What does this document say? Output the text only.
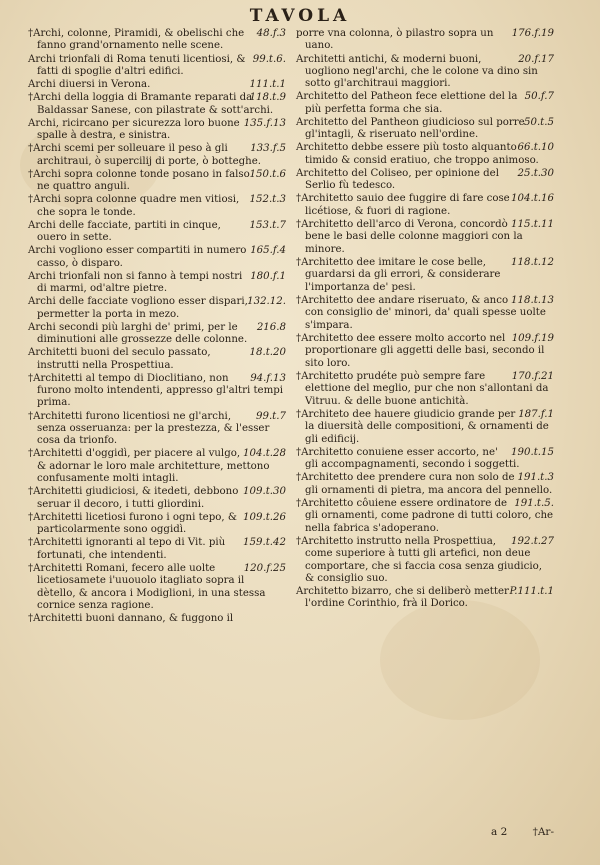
TAVOLA
48.f.3
†Archi, colonne, Piramidi, & obelischi che fanno grand'ornamento nelle scene.
99.t.6.
Archi trionfali di Roma tenuti licentiosi, & fatti di spoglie d'altri edifici.
111.t.1
Archi diuersi in Verona.
118.t.9
†Archi della loggia di Bramante reparati da Baldassar Sanese, con pilastrate & sott'archi.
135.f.13
Archi, ricircano per sicurezza loro buone spalle à destra, e sinistra.
133.f.5
†Archi scemi per solleuare il peso à gli architraui, ò supercilij di porte, ò botteghe.
150.t.6
†Archi sopra colonne tonde posano in falso ne quattro anguli.
152.t.3
†Archi sopra colonne quadre men vitiosi, che sopra le tonde.
153.t.7
Archi delle facciate, partiti in cinque, ouero in sette.
165.f.4
Archi vogliono esser compartiti in numero casso, ò disparo.
180.f.1
Archi trionfali non si fanno à tempi nostri di marmi, od'altre pietre.
132.12.
Archi delle facciate vogliono esser dispari, permetter la porta in mezo.
216.8
Archi secondi più larghi de' primi, per le diminutioni alle grossezze delle colonne.
18.t.20
Architetti buoni del seculo passato, instrutti nella Prospettiua.
94.f.13
†Architetti al tempo di Dioclitiano, non furono molto intendenti, appresso gl'altri tempi prima.
99.t.7
†Architetti furono licentiosi ne gl'archi, senza osseruanza: per la prestezza, & l'esser cosa da trionfo.
104.t.28
†Architetti d'oggidì, per piacere al vulgo, & adornar le loro male architetture, mettono confusamente molti intagli.
109.t.30
†Architetti giudiciosi, & itedeti, debbono seruar il decoro, i tutti gliordini.
109.t.26
†Architetti licetiosi furono i ogni tepo, & particolarmente sono oggidì.
159.t.42
†Architetti ignoranti al tepo di Vit. più fortunati, che intendenti.
120.f.25
†Architetti Romani, fecero alle uolte licetiosamete i'uuouolo itagliato sopra il dètello, & ancora i Modiglioni, in una stessa cornice senza ragione.
†Architetti buoni dannano, & fuggono il
176.f.19
porre vna colonna, ò pilastro sopra un uano.
20.f.17
Architetti antichi, & moderni buoni, uogliono negl'archi, che le colone va dino sin sotto gl'architraui maggiori.
50.f.7
Architetto del Patheon fece elettione del la più perfetta forma che sia.
50.t.5
Architetto del Pantheon giudicioso sul porre gl'intagli, & riseruato nell'ordine.
66.t.10
Architetto debbe essere più tosto alquanto timido & consid eratiuo, che troppo animoso.
25.t.30
Architetto del Coliseo, per opinione del Serlio fù tedesco.
104.t.16
†Architetto sauio dee fuggire di fare cose licétiose, & fuori di ragione.
115.t.11
†Architetto dell'arco di Verona, concordò bene le basi delle colonne maggiori con la minore.
118.t.12
†Architetto dee imitare le cose belle, guardarsi da gli errori, & considerare l'importanza de' pesi.
118.t.13
†Architetto dee andare riseruato, & anco con consiglio de' minori, da' quali spesse uolte s'impara.
109.f.19
†Architetto dee essere molto accorto nel proportionare gli aggetti delle basi, secondo il sito loro.
170.f.21
†Architetto prudéte può sempre fare elettione del meglio, pur che non s'allontani da Vitruu. & delle buone antichità.
187.f.1
†Architeto dee hauere giudicio grande per la diuersità delle compositioni, & ornamenti de gli edificij.
190.t.15
†Architetto conuiene esser accorto, ne' gli accompagnamenti, secondo i soggetti.
191.t.3
†Architetto dee prendere cura non solo de gli ornamenti di pietra, ma ancora del pennello.
191.t.5.
†Architetto côuiene essere ordinatore de gli ornamenti, come padrone di tutti coloro, che nella fabrica s'adoperano.
192.t.27
†Architetto instrutto nella Prospettiua, come superiore à tutti gli artefici, non deue comportare, che si faccia cosa senza giudicio, & consiglio suo.
P.111.t.1
Architetto bizarro, che si deliberò metter l'ordine Corinthio, frà il Dorico.
a 2 †Ar-
